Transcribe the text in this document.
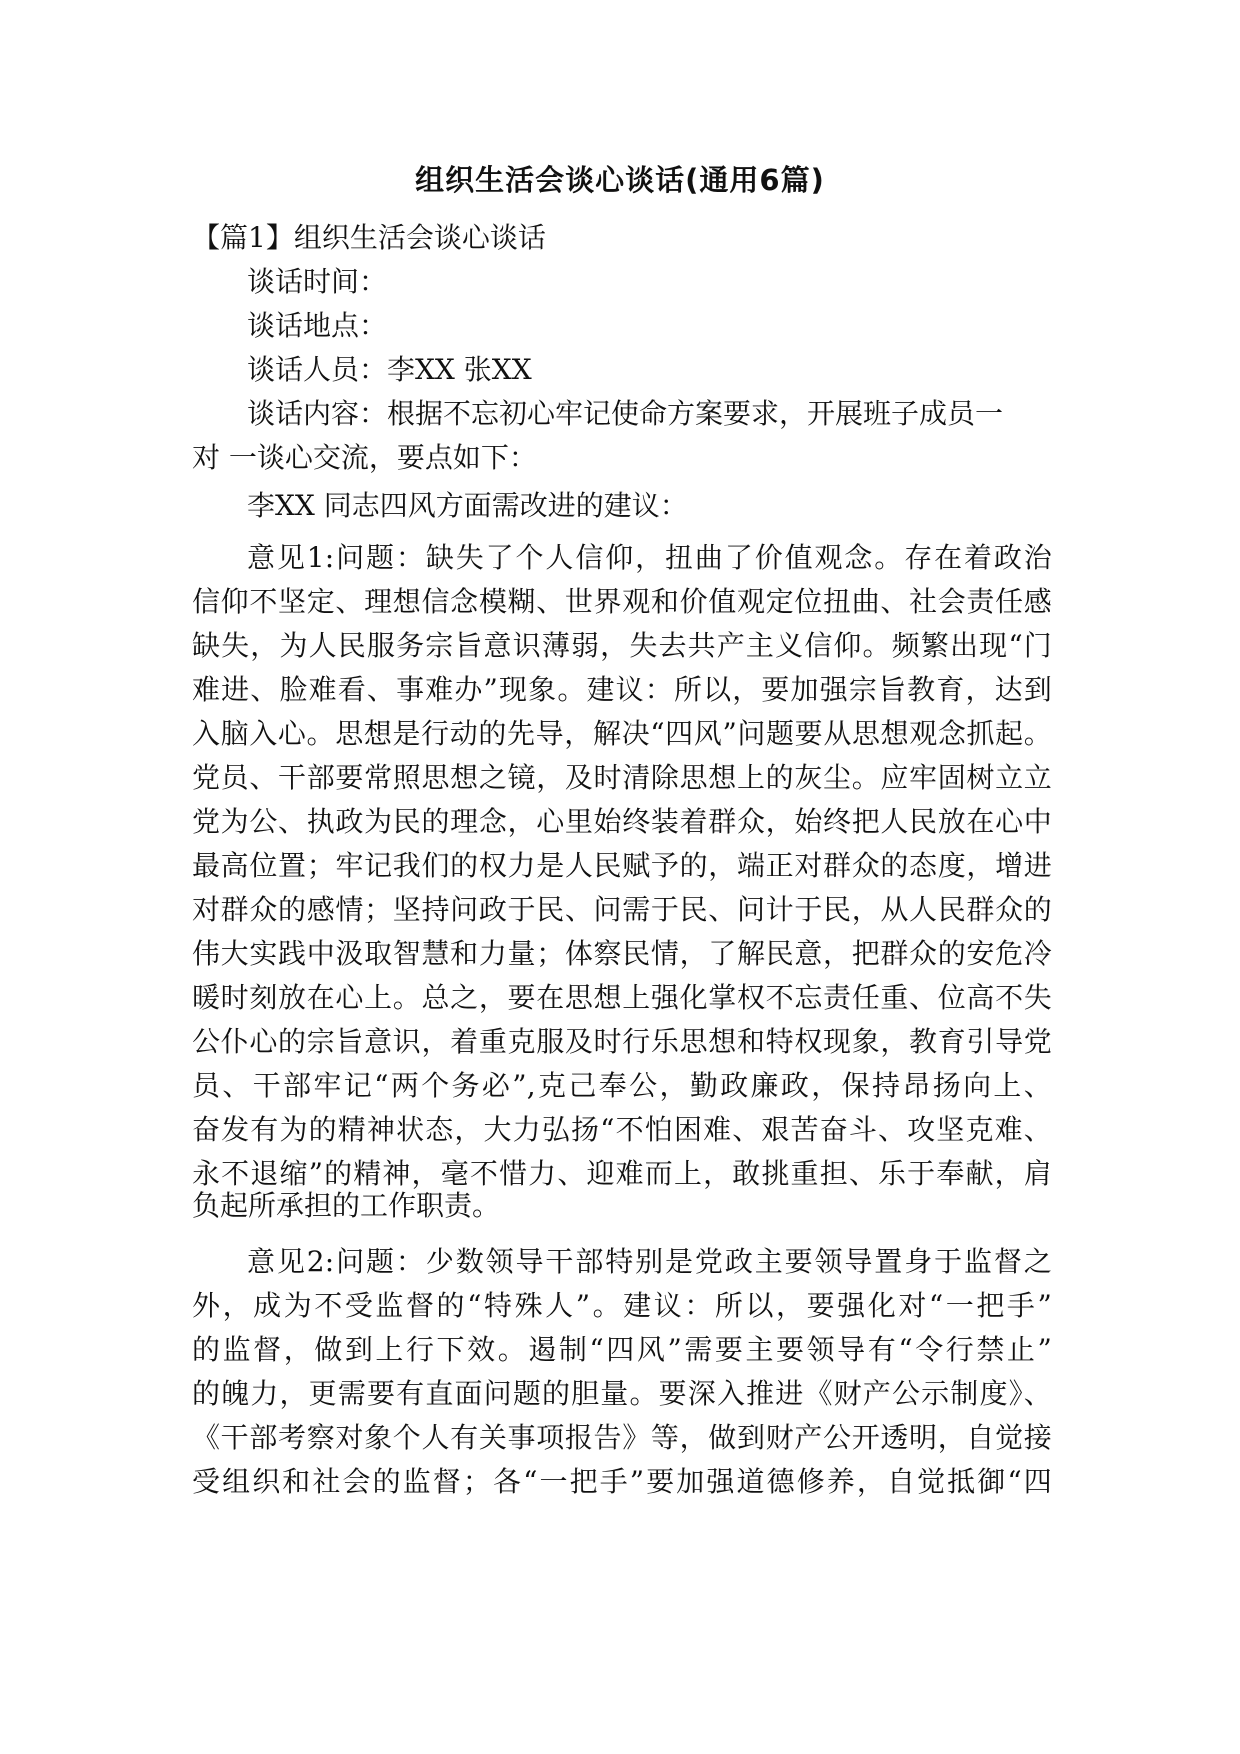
组织生活会谈心谈话(通用6篇)
【篇1】组织生活会谈心谈话
谈话时间：
谈话地点：
谈话人员：李XX 张XX
谈话内容：根据不忘初心牢记使命方案要求，开展班子成员一
对 一谈心交流，要点如下：
李XX 同志四风方面需改进的建议：
意见1:问题：缺失了个人信仰，扭曲了价值观念。存在着政治
信仰不坚定、理想信念模糊、世界观和价值观定位扭曲、社会责任感
缺失，为人民服务宗旨意识薄弱，失去共产主义信仰。频繁出现“门
难进、脸难看、事难办”现象。建议：所以，要加强宗旨教育，达到
入脑入心。思想是行动的先导，解决“四风”问题要从思想观念抓起。
党员、干部要常照思想之镜，及时清除思想上的灰尘。应牢固树立立
党为公、执政为民的理念，心里始终装着群众，始终把人民放在心中
最高位置；牢记我们的权力是人民赋予的，端正对群众的态度，增进
对群众的感情；坚持问政于民、问需于民、问计于民，从人民群众的
伟大实践中汲取智慧和力量；体察民情，了解民意，把群众的安危冷
暖时刻放在心上。总之，要在思想上强化掌权不忘责任重、位高不失
公仆心的宗旨意识，着重克服及时行乐思想和特权现象，教育引导党
员、干部牢记“两个务必”,克己奉公，勤政廉政，保持昂扬向上、
奋发有为的精神状态，大力弘扬“不怕困难、艰苦奋斗、攻坚克难、
永不退缩”的精神，毫不惜力、迎难而上，敢挑重担、乐于奉献，肩
负起所承担的工作职责。
意见2:问题：少数领导干部特别是党政主要领导置身于监督之
外，成为不受监督的“特殊人”。建议：所以，要强化对“一把手”
的监督，做到上行下效。遏制“四风”需要主要领导有“令行禁止”
的魄力，更需要有直面问题的胆量。要深入推进《财产公示制度》、
《干部考察对象个人有关事项报告》等，做到财产公开透明，自觉接
受组织和社会的监督；各“一把手”要加强道德修养，自觉抵御“四
